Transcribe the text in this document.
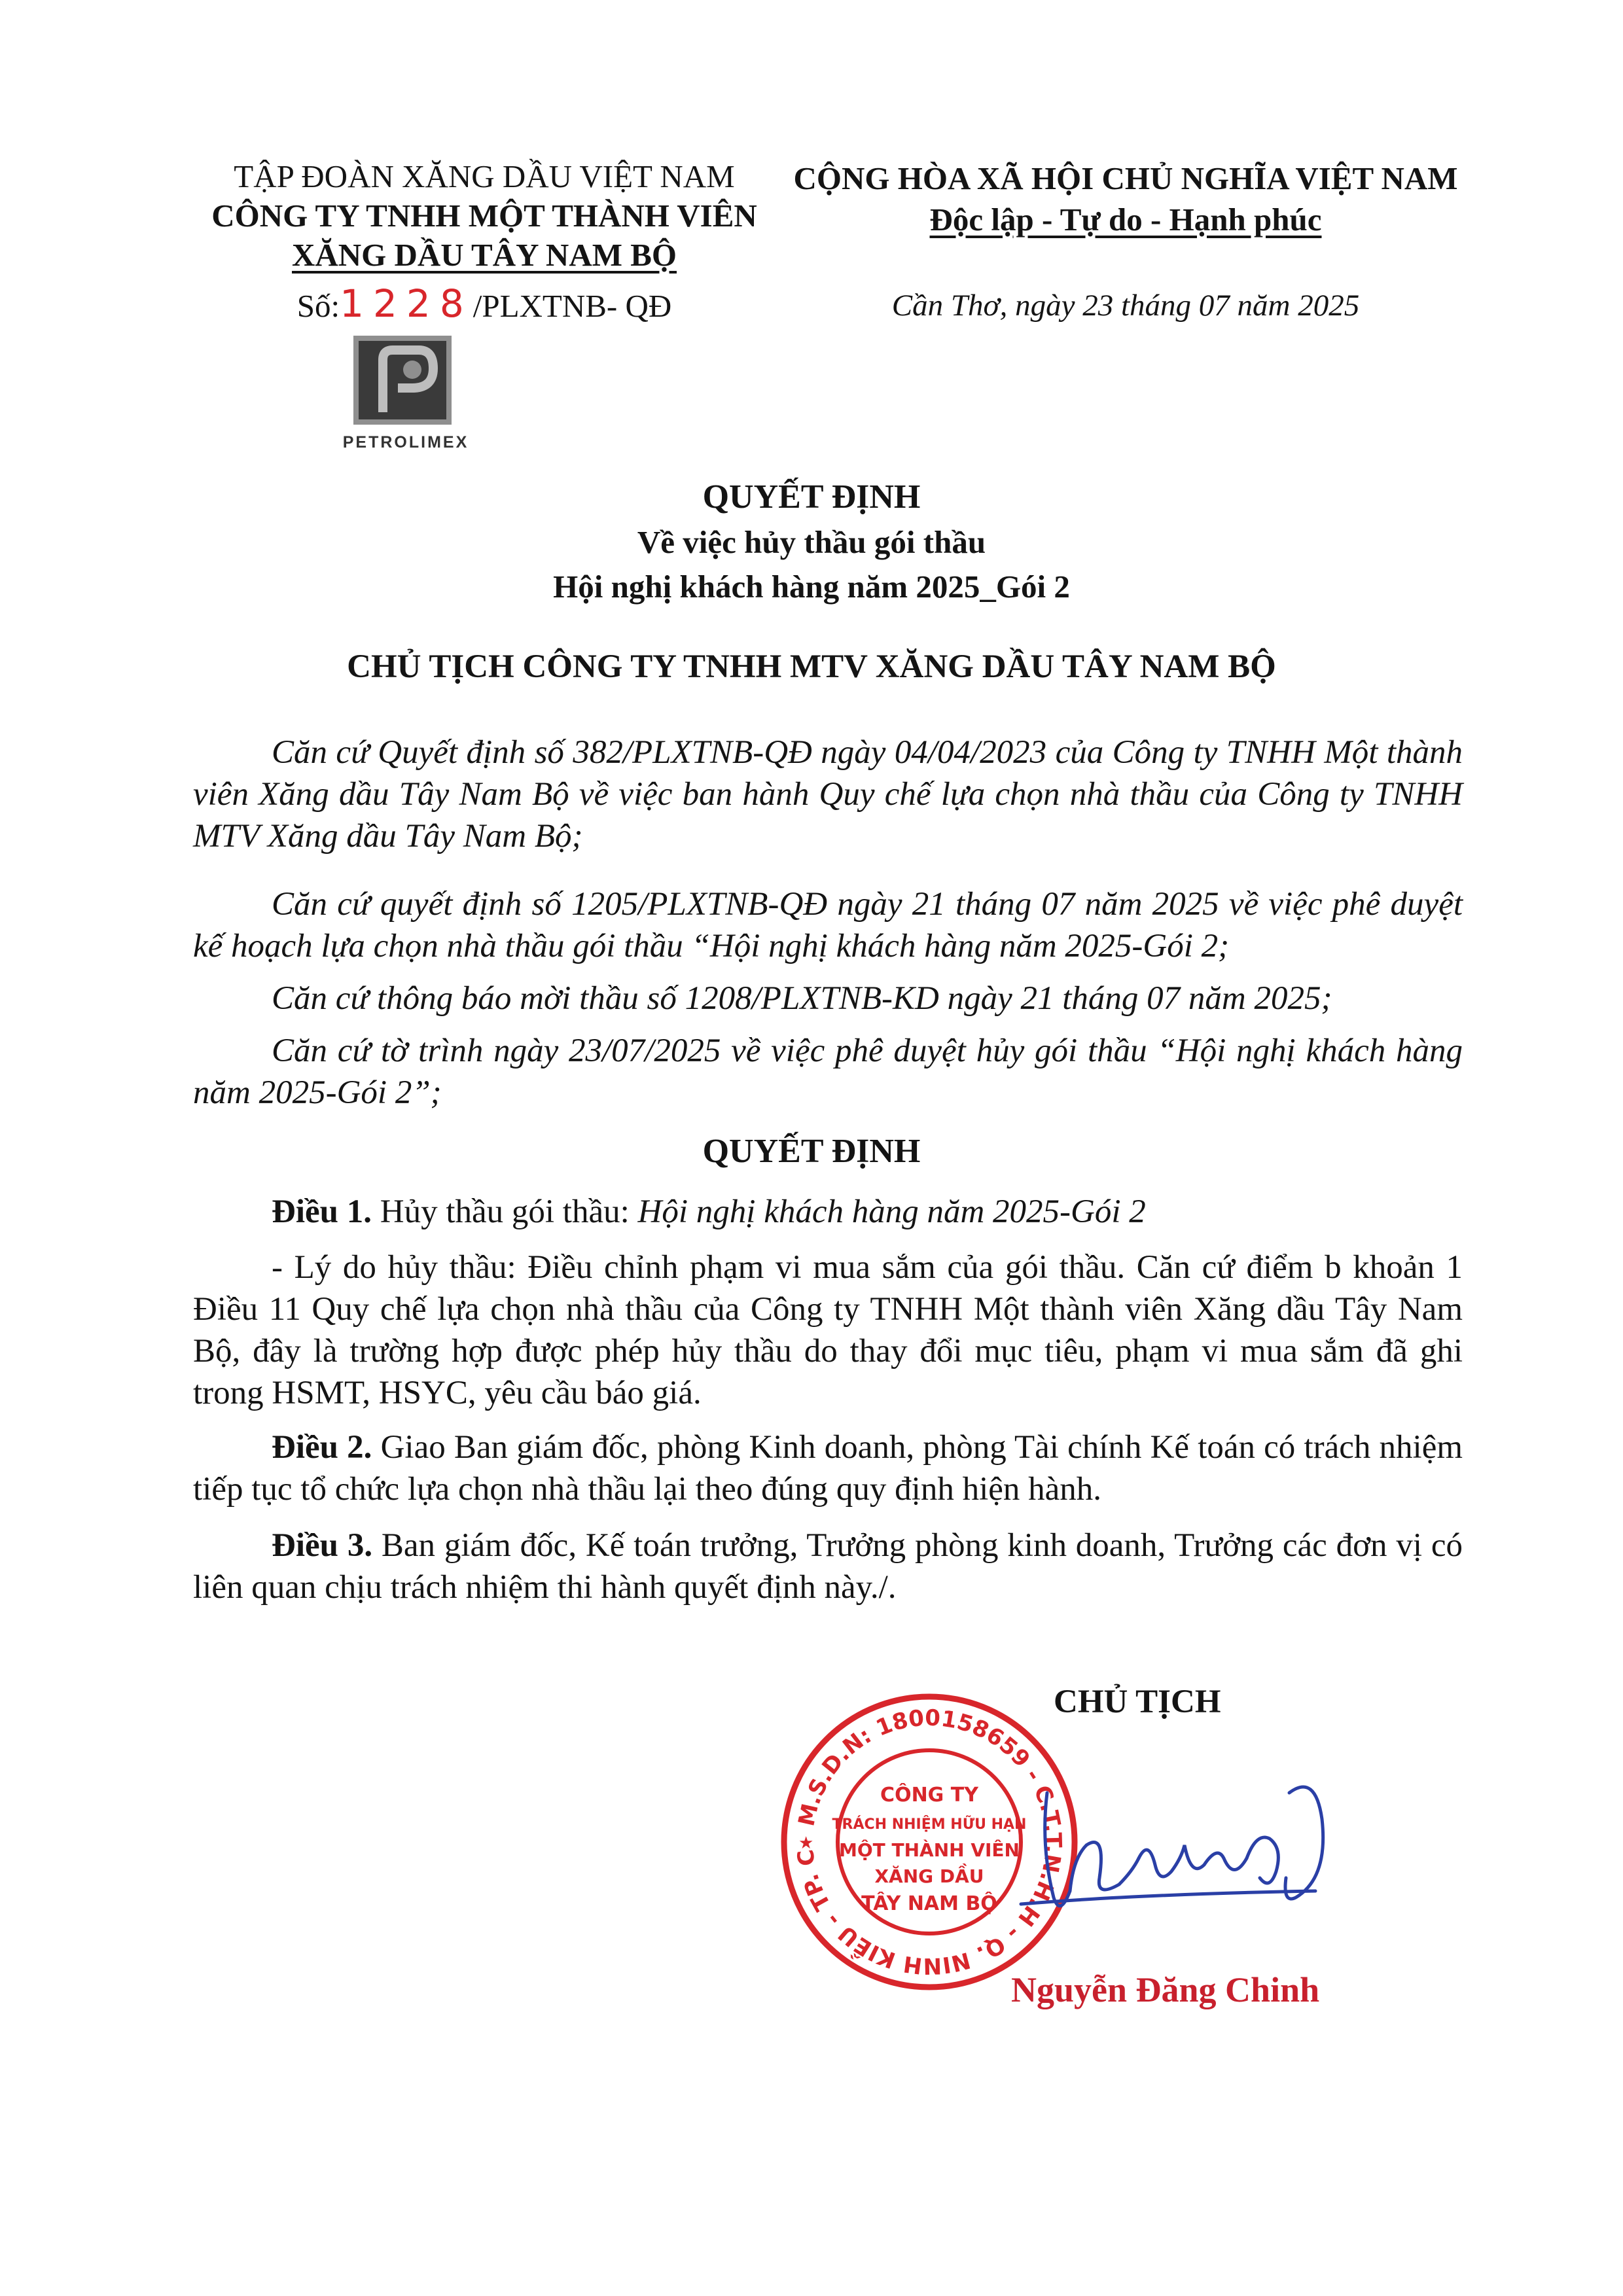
TẬP ĐOÀN XĂNG DẦU VIỆT NAM
CÔNG TY TNHH MỘT THÀNH VIÊN
XĂNG DẦU TÂY NAM BỘ
Số:1228/PLXTNB- QĐ
PETROLIMEX
CỘNG HÒA XÃ HỘI CHỦ NGHĨA VIỆT NAM
Độc lập - Tự do - Hạnh phúc
Cần Thơ, ngày 23 tháng 07 năm 2025
QUYẾT ĐỊNH
Về việc hủy thầu gói thầu
Hội nghị khách hàng năm 2025_Gói 2
CHỦ TỊCH CÔNG TY TNHH MTV XĂNG DẦU TÂY NAM BỘ
Căn cứ Quyết định số 382/PLXTNB-QĐ ngày 04/04/2023 của Công ty TNHH Một thành viên Xăng dầu Tây Nam Bộ về việc ban hành Quy chế lựa chọn nhà thầu của Công ty TNHH MTV Xăng dầu Tây Nam Bộ;
Căn cứ quyết định số 1205/PLXTNB-QĐ ngày 21 tháng 07 năm 2025 về việc phê duyệt kế hoạch lựa chọn nhà thầu gói thầu “Hội nghị khách hàng năm 2025-Gói 2;
Căn cứ thông báo mời thầu số 1208/PLXTNB-KD ngày 21 tháng 07 năm 2025;
Căn cứ tờ trình ngày 23/07/2025 về việc phê duyệt hủy gói thầu “Hội nghị khách hàng năm 2025-Gói 2”;
QUYẾT ĐỊNH
Điều 1. Hủy thầu gói thầu: Hội nghị khách hàng năm 2025-Gói 2
- Lý do hủy thầu: Điều chỉnh phạm vi mua sắm của gói thầu. Căn cứ điểm b khoản 1 Điều 11 Quy chế lựa chọn nhà thầu của Công ty TNHH Một thành viên Xăng dầu Tây Nam Bộ, đây là trường hợp được phép hủy thầu do thay đổi mục tiêu, phạm vi mua sắm đã ghi trong HSMT, HSYC, yêu cầu báo giá.
Điều 2. Giao Ban giám đốc, phòng Kinh doanh, phòng Tài chính Kế toán có trách nhiệm tiếp tục tổ chức lựa chọn nhà thầu lại theo đúng quy định hiện hành.
Điều 3. Ban giám đốc, Kế toán trưởng, Trưởng phòng kinh doanh, Trưởng các đơn vị có liên quan chịu trách nhiệm thi hành quyết định này./.
CHỦ TỊCH
M.S.D.N: 1800158659 - C.T.T.N.H.H - Q. NINH KIỀU - TP. C
CÔNG TY
TRÁCH NHIỆM HỮU HẠN
MỘT THÀNH VIÊN
XĂNG DẦU
TÂY NAM BỘ
★
Nguyễn Đăng Chinh
